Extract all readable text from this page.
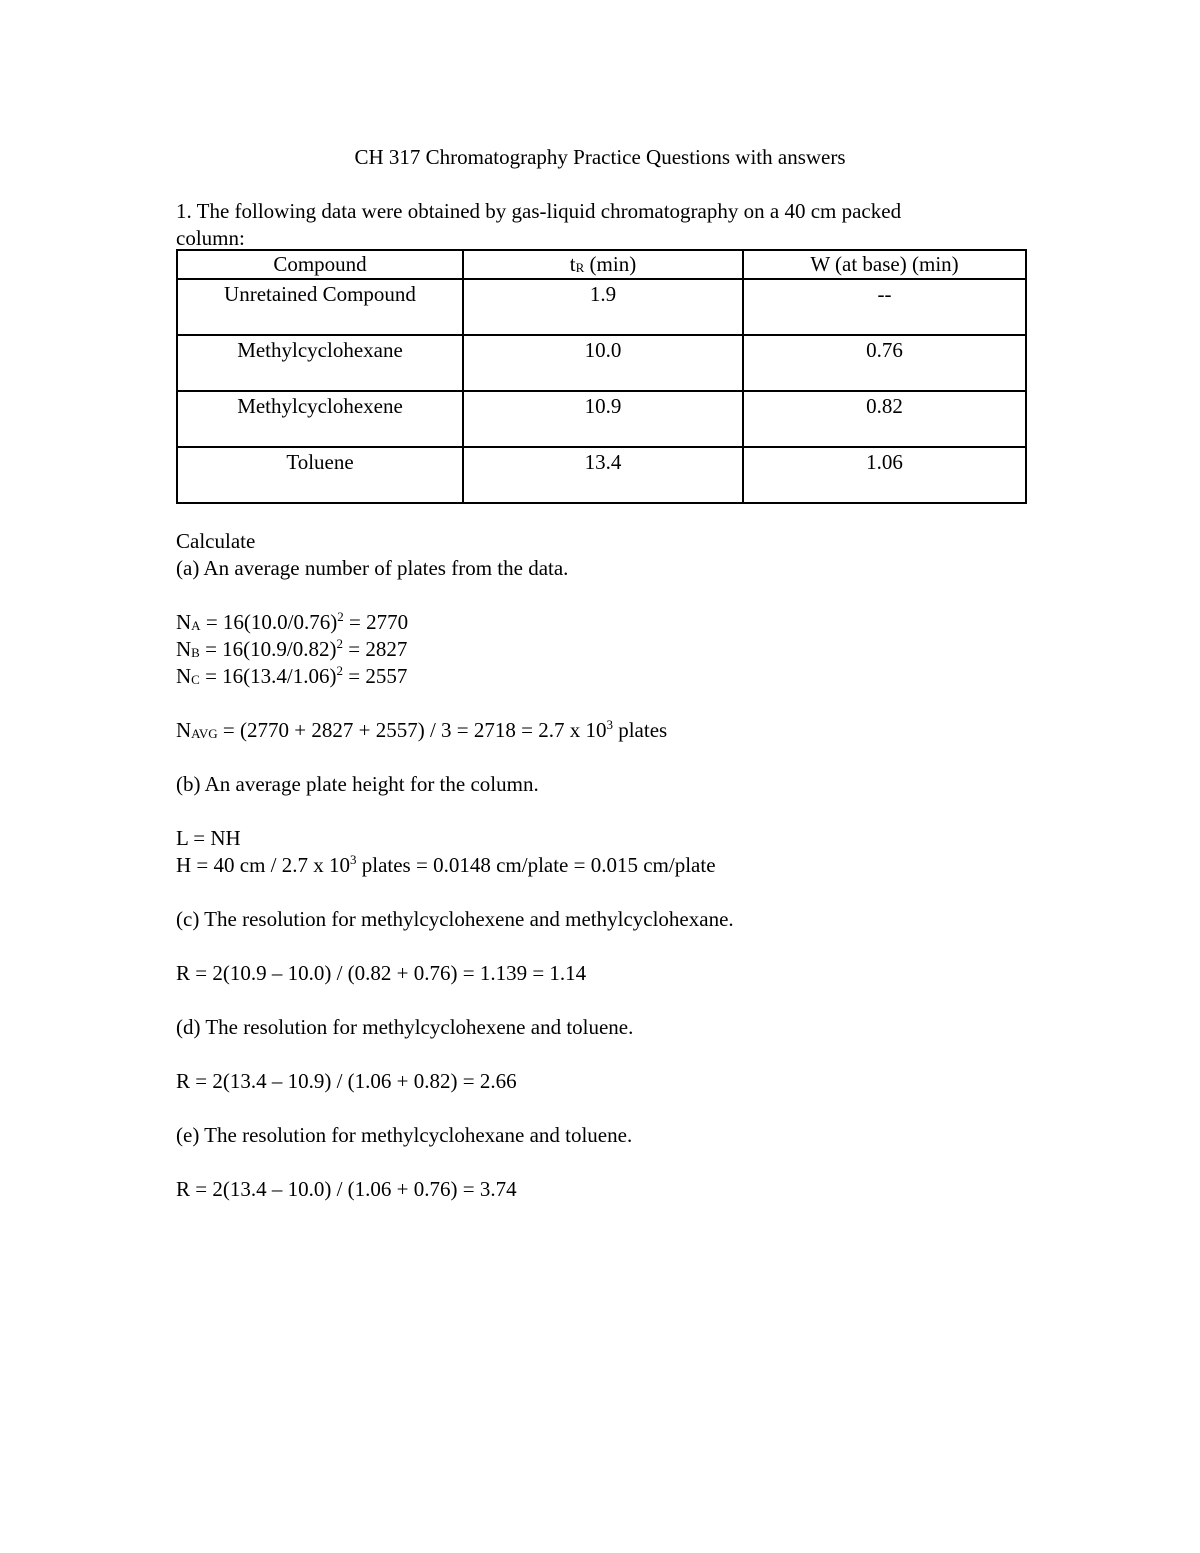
CH 317 Chromatography Practice Questions with answers
1. The following data were obtained by gas-liquid chromatography on a 40 cm packed
column:
Compound	$t_R$ (min)	W (at base) (min)
Unretained Compound	1.9	--
Methylcyclohexane	10.0	0.76
Methylcyclohexene	10.9	0.82
Toluene	13.4	1.06
Calculate
(a) An average number of plates from the data.
$N_A = 16(10.0/0.76)^2 = 2770$
$N_B = 16(10.9/0.82)^2 = 2827$
$N_C = 16(13.4/1.06)^2 = 2557$
$N_{AVG} = (2770 + 2827 + 2557) / 3 = 2718 = 2.7$ x $10^3$ plates
(b) An average plate height for the column.
L = NH
H = 40 cm / 2.7 x $10^3$ plates = 0.0148 cm/plate = 0.015 cm/plate
(c) The resolution for methylcyclohexene and methylcyclohexane.
R = 2(10.9 – 10.0) / (0.82 + 0.76) = 1.139 = 1.14
(d) The resolution for methylcyclohexene and toluene.
R = 2(13.4 – 10.9) / (1.06 + 0.82) = 2.66
(e) The resolution for methylcyclohexane and toluene.
R = 2(13.4 – 10.0) / (1.06 + 0.76) = 3.74
